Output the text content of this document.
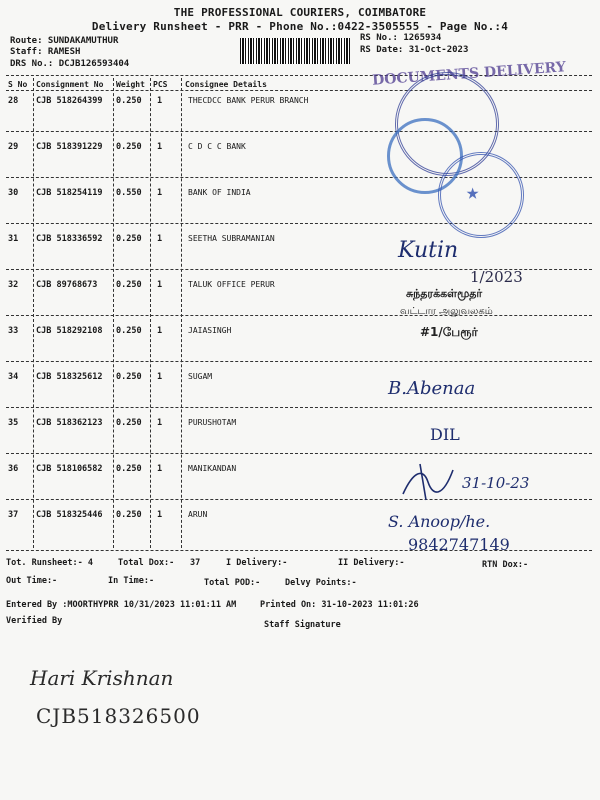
THE PROFESSIONAL COURIERS, COIMBATORE
Delivery Runsheet - PRR - Phone No.:0422-3505555 - Page No.:4
Route: SUNDAKAMUTHUR
Staff: RAMESH
DRS No.: DCJB126593404
RS No.: 1265934
RS Date: 31-Oct-2023
S No Consignment No Weight PCS Consignee Details
28 CJB 518264399 0.250 1	THECDCC BANK PERUR BRANCH
29 CJB 518391229 0.250 1	C D C C BANK
30 CJB 518254119 0.550 1	BANK OF INDIA
31 CJB 518336592 0.250 1	SEETHA SUBRAMANIAN
32 CJB 89768673 0.250 1	TALUK OFFICE PERUR
33 CJB 518292108 0.250 1	JAIASINGH
34 CJB 518325612 0.250 1	SUGAM
35 CJB 518362123 0.250 1	PURUSHOTAM
36 CJB 518106582 0.250 1	MANIKANDAN
37 CJB 518325446 0.250 1	ARUN
DOCUMENTS DELIVERY
★
Kutin
1/2023
சுந்தரக்கள்மூதர்
வட்டார அலுவலகம்
#1/பேரூர்
B.Abenaa
DIL
31-10-23
S. Anoop/he.
9842747149
Tot. Runsheet:- 4	Total Dox:- 37	I Delivery:-	II Delivery:-	RTN Dox:-
Out Time:-	In Time:-	Total POD:-	Delvy Points:-
Entered By :MOORTHYPRR 10/31/2023 11:01:11 AM	Printed On: 31-10-2023 11:01:26
Verified By	Staff Signature
Hari Krishnan
CJB518326500
